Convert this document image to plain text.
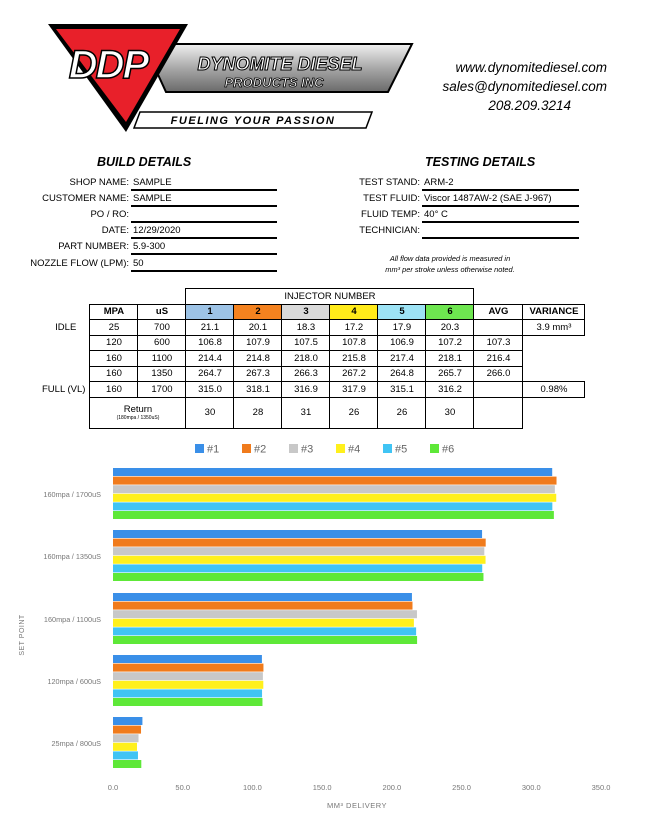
DDP	DYNOMITE DIESEL
PRODUCTS INC
FUELING YOUR PASSION
www.dynomitediesel.com
sales@dynomitediesel.com
208.209.3214
BUILD DETAILS
SHOP NAME: SAMPLE
CUSTOMER NAME: SAMPLE
PO / RO:
DATE: 12/29/2020
PART NUMBER: 5.9-300
NOZZLE FLOW (LPM): 50
TESTING DETAILS
TEST STAND: ARM-2
TEST FLUID: Viscor 1487AW-2 (SAE J-967)
FLUID TEMP: 40° C
TECHNICIAN:
All flow data provided is measured in
mm³ per stroke unless otherwise noted.
			INJECTOR NUMBER							
	MPA	uS	1	2	3	4	5	6	AVG	VARIANCE
IDLE	25	700	21.1	20.1	18.3	17.2	17.9	20.3		3.9 mm³
	120	600	106.8	107.9	107.5	107.8	106.9	107.2	107.3	
	160	1100	214.4	214.8	218.0	215.8	217.4	218.1	216.4	
	160	1350	264.7	267.3	266.3	267.2	264.8	265.7	266.0	
FULL (VL)	160	1700	315.0	318.1	316.9	317.9	315.1	316.2		0.98%

	Return
(180mpa / 1350uS)		30	28	31	26	26	30		
#1	#2	#3	#4	#5	#6
160mpa / 1700uS
160mpa / 1350uS
160mpa / 1100uS
120mpa / 600uS
25mpa / 800uS
0.0	50.0	100.0	150.0	200.0	250.0	300.0	350.0
SET POINT
MM³ DELIVERY
